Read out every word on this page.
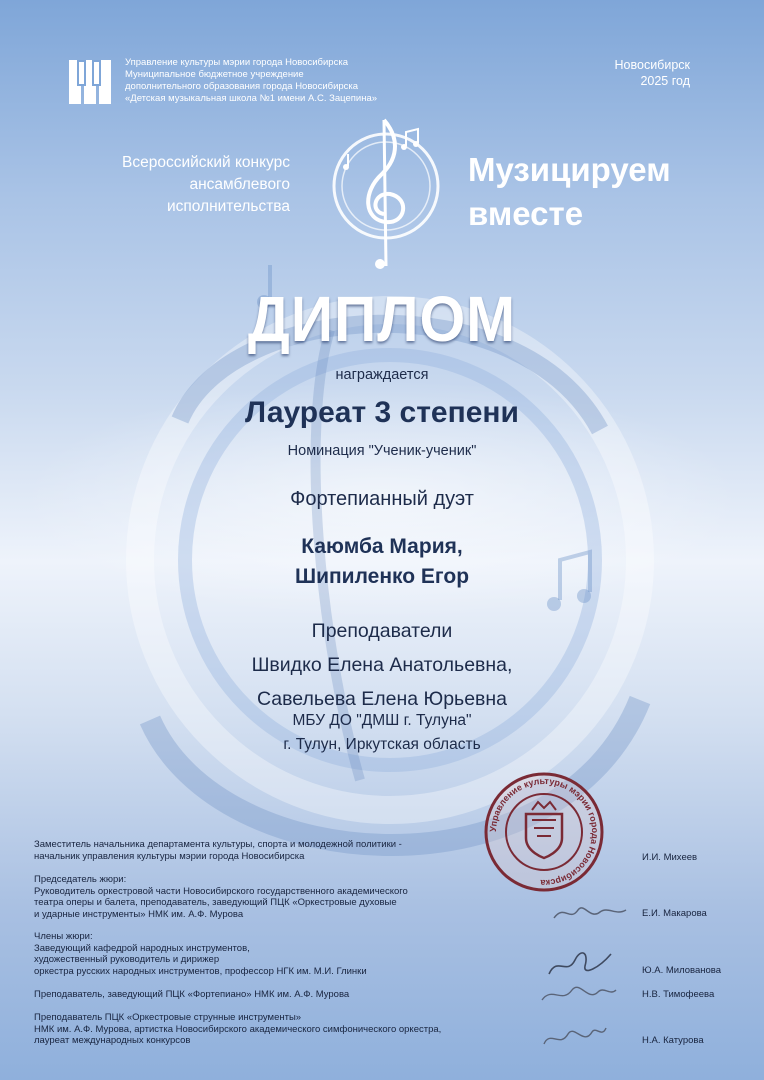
Управление культуры мэрии города Новосибирска
Муниципальное бюджетное учреждение
дополнительного образования города Новосибирска
«Детская музыкальная школа №1 имени А.С. Зацепина»
Новосибирск
2025 год
Всероссийский конкурс
ансамблевого
исполнительства
Музицируем
вместе
ДИПЛОМ
награждается
Лауреат 3 степени
Номинация "Ученик-ученик"
Фортепианный дуэт
Каюмба Мария,
Шипиленко Егор
Преподаватели
Швидко Елена Анатольевна,
Савельева Елена Юрьевна
МБУ ДО "ДМШ г. Тулуна"
г. Тулун, Иркутская область
Управление культуры мэрии города Новосибирска
Заместитель начальника департамента культуры, спорта и молодежной политики -
начальник управления культуры мэрии города Новосибирска	И.И. Михеев
Председатель жюри:
Руководитель оркестровой части Новосибирского государственного академического
театра оперы и балета, преподаватель, заведующий ПЦК «Оркестровые духовые
и ударные инструменты» НМК им. А.Ф. Мурова	Е.И. Макарова
Члены жюри:
Заведующий кафедрой народных инструментов,
художественный руководитель и дирижер
оркестра русских народных инструментов, профессор НГК им. М.И. Глинки	Ю.А. Милованова
Преподаватель, заведующий ПЦК «Фортепиано» НМК им. А.Ф. Мурова	Н.В. Тимофеева
Преподаватель ПЦК «Оркестровые струнные инструменты»
НМК им. А.Ф. Мурова, артистка Новосибирского академического симфонического оркестра,
лауреат международных конкурсов	Н.А. Катурова
